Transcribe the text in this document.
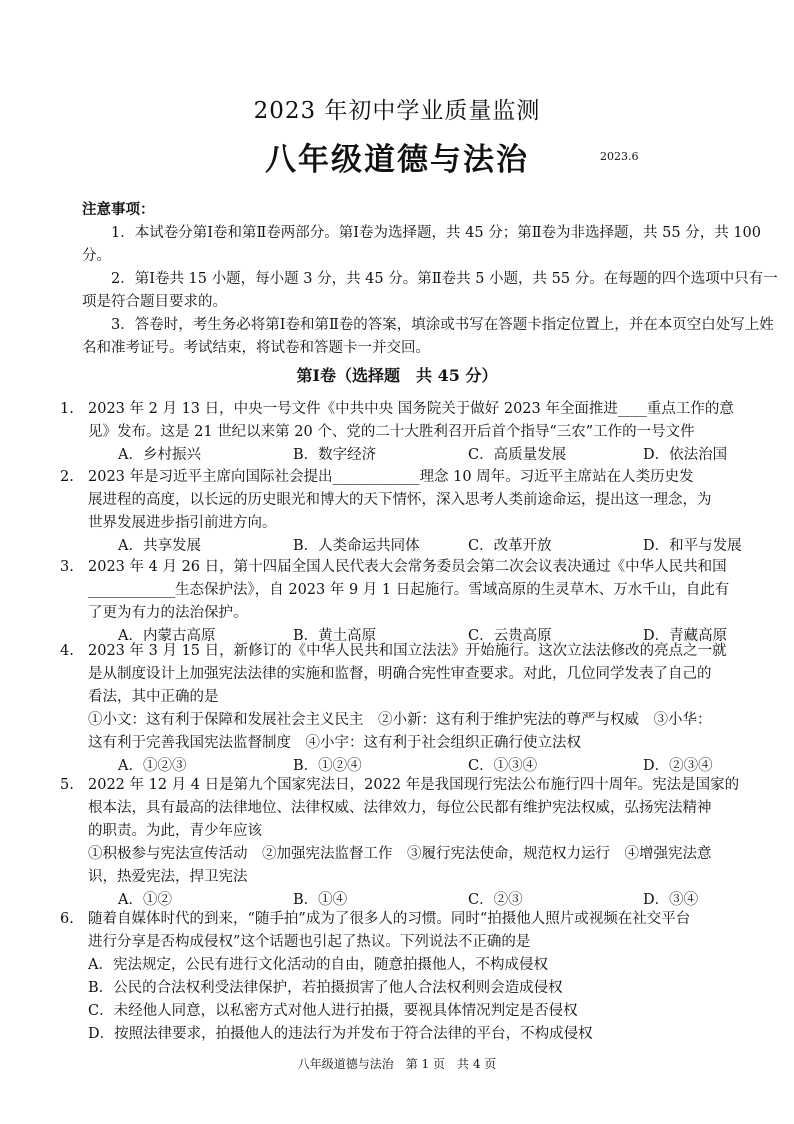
2023 年初中学业质量监测
八年级道德与法治	2023.6
注意事项：

1．本试卷分第Ⅰ卷和第Ⅱ卷两部分。第Ⅰ卷为选择题，共 45 分；第Ⅱ卷为非选择题，共 55 分，共 100 分。

2．第Ⅰ卷共 15 小题，每小题 3 分，共 45 分。第Ⅱ卷共 5 小题，共 55 分。在每题的四个选项中只有一项是符合题目要求的。

3．答卷时，考生务必将第Ⅰ卷和第Ⅱ卷的答案，填涂或书写在答题卡指定位置上，并在本页空白处写上姓名和准考证号。考试结束，将试卷和答题卡一并交回。

第Ⅰ卷（选择题　共 45 分）
1. 2023 年 2 月 13 日，中央一号文件《中共中央 国务院关于做好 2023 年全面推进____重点工作的意
见》发布。这是 21 世纪以来第 20 个、党的二十大胜利召开后首个指导“三农”工作的一号文件
A．乡村振兴	B．数字经济	C．高质量发展	D．依法治国
2. 2023 年是习近平主席向国际社会提出____________理念 10 周年。习近平主席站在人类历史发
展进程的高度，以长远的历史眼光和博大的天下情怀，深入思考人类前途命运，提出这一理念，为
世界发展进步指引前进方向。
A．共享发展	B．人类命运共同体	C．改革开放	D．和平与发展
3. 2023 年 4 月 26 日，第十四届全国人民代表大会常务委员会第二次会议表决通过《中华人民共和国
____________生态保护法》，自 2023 年 9 月 1 日起施行。雪域高原的生灵草木、万水千山，自此有
了更为有力的法治保护。
A．内蒙古高原	B．黄土高原	C．云贵高原	D．青藏高原
4. 2023 年 3 月 15 日，新修订的《中华人民共和国立法法》开始施行。这次立法法修改的亮点之一就
是从制度设计上加强宪法法律的实施和监督，明确合宪性审查要求。对此，几位同学发表了自己的
看法，其中正确的是
①小文：这有利于保障和发展社会主义民主　②小新：这有利于维护宪法的尊严与权威　③小华：
这有利于完善我国宪法监督制度　④小宇：这有利于社会组织正确行使立法权
A．①②③	B．①②④	C．①③④	D．②③④
5. 2022 年 12 月 4 日是第九个国家宪法日，2022 年是我国现行宪法公布施行四十周年。宪法是国家的
根本法，具有最高的法律地位、法律权威、法律效力，每位公民都有维护宪法权威，弘扬宪法精神
的职责。为此，青少年应该
①积极参与宪法宣传活动　②加强宪法监督工作　③履行宪法使命，规范权力运行　④增强宪法意
识，热爱宪法，捍卫宪法
A．①②	B．①④	C．②③	D．③④
6. 随着自媒体时代的到来，“随手拍”成为了很多人的习惯。同时“拍摄他人照片或视频在社交平台
进行分享是否构成侵权”这个话题也引起了热议。下列说法不正确的是
A．宪法规定，公民有进行文化活动的自由，随意拍摄他人，不构成侵权
B．公民的合法权利受法律保护，若拍摄损害了他人合法权利则会造成侵权
C．未经他人同意，以私密方式对他人进行拍摄，要视具体情况判定是否侵权
D．按照法律要求，拍摄他人的违法行为并发布于符合法律的平台，不构成侵权
八年级道德与法治　第 1 页　共 4 页
